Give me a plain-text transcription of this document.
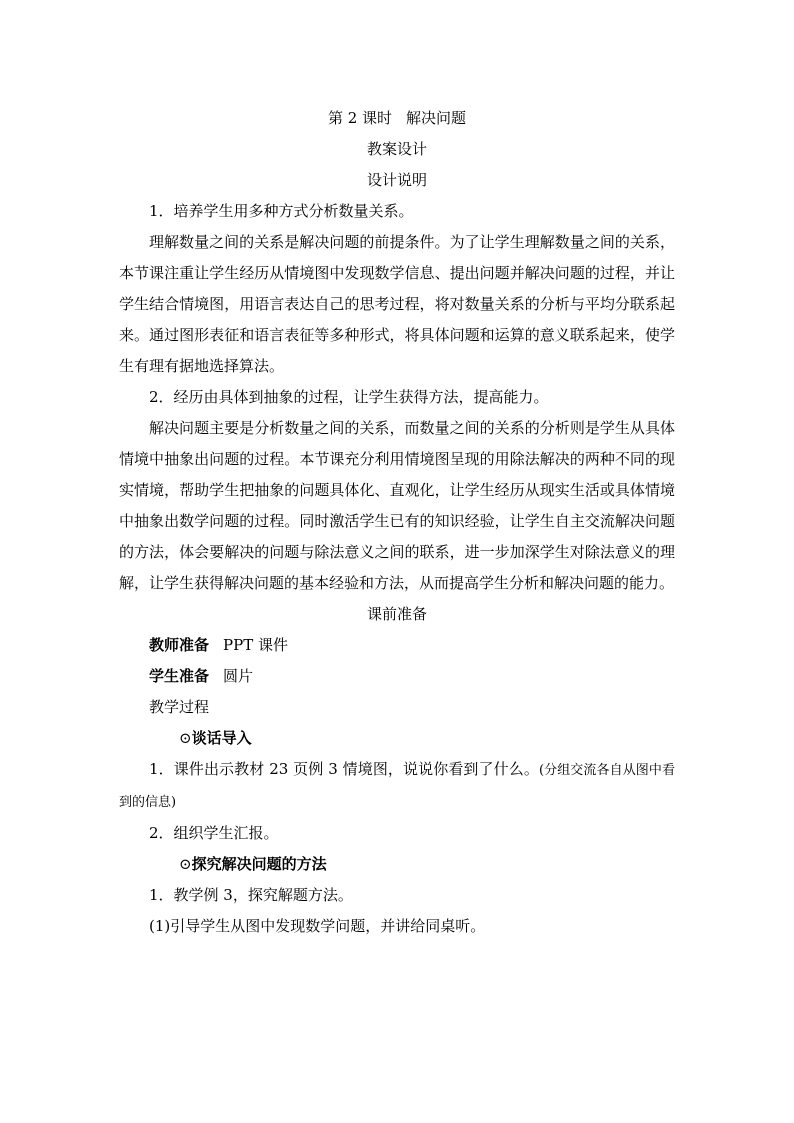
第 2 课时 解决问题
教案设计
设计说明
1．培养学生用多种方式分析数量关系。
理解数量之间的关系是解决问题的前提条件。为了让学生理解数量之间的关系，本节课注重让学生经历从情境图中发现数学信息、提出问题并解决问题的过程，并让学生结合情境图，用语言表达自己的思考过程，将对数量关系的分析与平均分联系起来。通过图形表征和语言表征等多种形式，将具体问题和运算的意义联系起来，使学生有理有据地选择算法。
2．经历由具体到抽象的过程，让学生获得方法，提高能力。
解决问题主要是分析数量之间的关系，而数量之间的关系的分析则是学生从具体情境中抽象出问题的过程。本节课充分利用情境图呈现的用除法解决的两种不同的现实情境，帮助学生把抽象的问题具体化、直观化，让学生经历从现实生活或具体情境中抽象出数学问题的过程。同时激活学生已有的知识经验，让学生自主交流解决问题的方法，体会要解决的问题与除法意义之间的联系，进一步加深学生对除法意义的理解，让学生获得解决问题的基本经验和方法，从而提高学生分析和解决问题的能力。
课前准备
教师准备 PPT 课件
学生准备 圆片
教学过程
⊙谈话导入
1．课件出示教材 23 页例 3 情境图，说说你看到了什么。(分组交流各自从图中看到的信息)
2．组织学生汇报。
⊙探究解决问题的方法
1．教学例 3，探究解题方法。
(1)引导学生从图中发现数学问题，并讲给同桌听。
